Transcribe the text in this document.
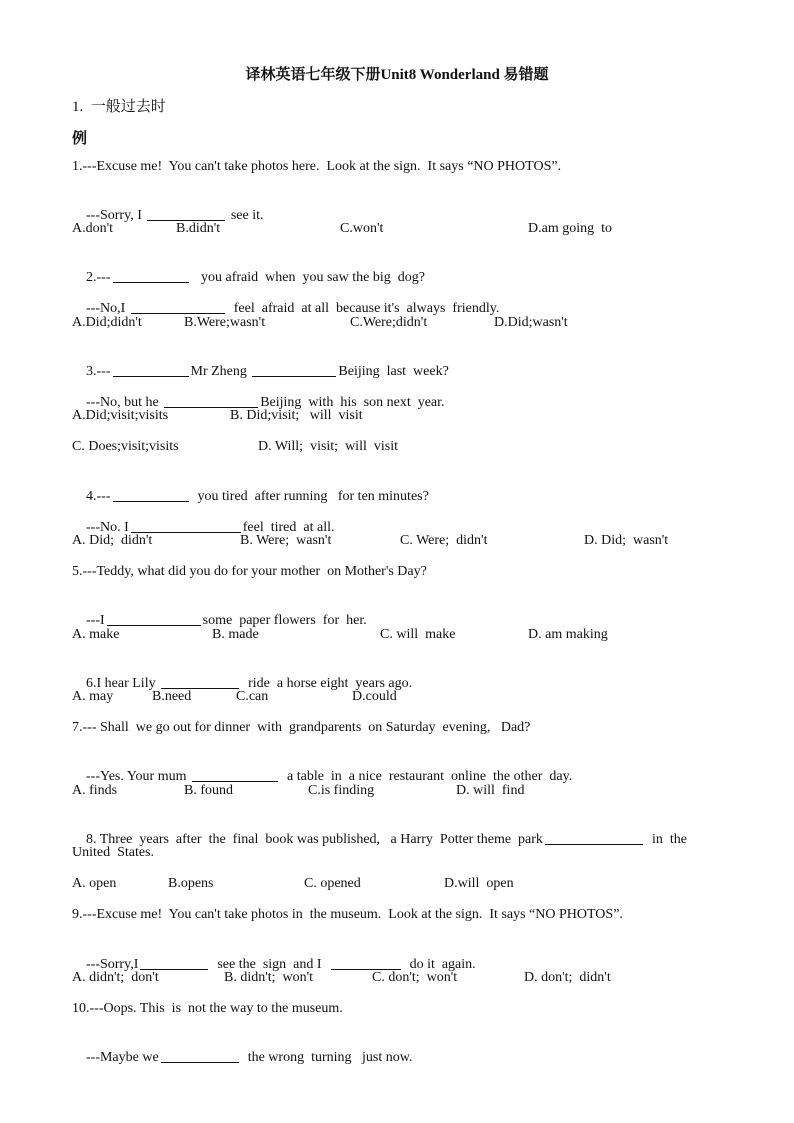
译林英语七年级下册Unit8 Wonderland 易错题
1.  一般过去时
例
1.---Excuse me!  You can't take photos here.  Look at the sign.  It says “NO PHOTOS”.

---Sorry, I	see it.

A.don't

	B.didn't

	C.won't

	D.am going  to

2.---	you afraid  when  you saw the big  dog?

---No,I	feel  afraid  at all  because it's  always  friendly.

A.Did;didn't

	B.Were;wasn't

	C.Were;didn't

	D.Did;wasn't

3.---	Mr Zheng	Beijing  last  week?

---No, but he	Beijing  with  his  son next  year.

A.Did;visit;visits

	B. Did;visit;   will  visit

C. Does;visit;visits

	D. Will;  visit;  will  visit

4.---	you tired  after running   for ten minutes?

---No. I	feel  tired  at all.

A. Did;  didn't

	B. Were;  wasn't

	C. Were;  didn't

	D. Did;  wasn't

5.---Teddy, what did you do for your mother  on Mother's Day?

---I	some  paper flowers  for  her.

A. make

	B. made

	C. will  make

	D. am making

6.I hear Lily	ride  a horse eight  years ago.

A. may

	B.need

	C.can

	D.could

7.--- Shall  we go out for dinner  with  grandparents  on Saturday  evening,   Dad?

---Yes. Your mum	a table  in  a nice  restaurant  online  the other  day.

A. finds

	B. found

	C.is finding

	D. will  find

8. Three  years  after  the  final  book was published,   a Harry  Potter theme  park	in  the

United  States.

A. open

	B.opens

	C. opened

	D.will  open

9.---Excuse me!  You can't take photos in  the museum.  Look at the sign.  It says “NO PHOTOS”.

---Sorry,I	see the  sign  and I	do it  again.

A. didn't;  don't

	B. didn't;  won't

	C. don't;  won't

	D. don't;  didn't

10.---Oops. This  is  not the way to the museum.

---Maybe we	the wrong  turning   just now.
